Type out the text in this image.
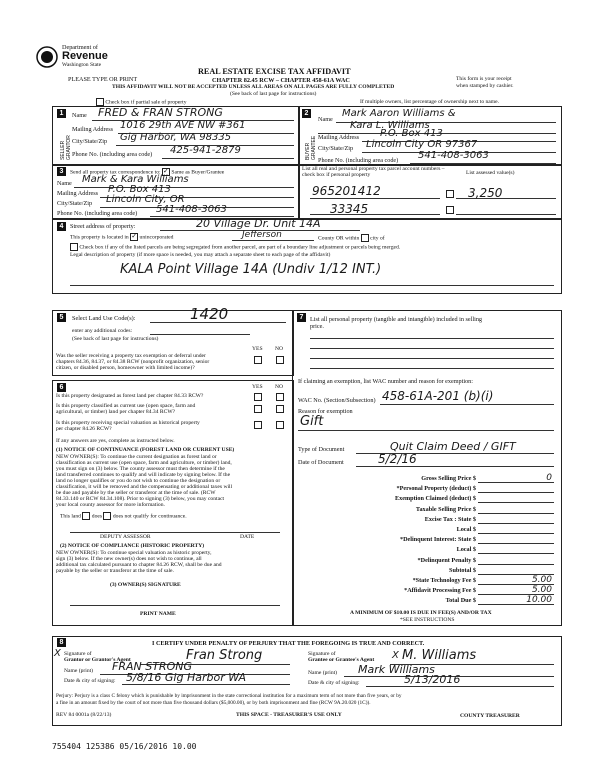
Department of
Revenue
Washington State
PLEASE TYPE OR PRINT
REAL ESTATE EXCISE TAX AFFIDAVIT
CHAPTER 82.45 RCW – CHAPTER 458-61A WAC
THIS AFFIDAVIT WILL NOT BE ACCEPTED UNLESS ALL AREAS ON ALL PAGES ARE FULLY COMPLETED
(See back of last page for instructions)
This form is your receipt
when stamped by cashier.
Check box if partial sale of property	If multiple owners, list percentage of ownership next to name.
1
SELLER GRANTOR
Name FRED & FRAN STRONG
Mailing Address 1016 29th AVE NW #361
City/State/Zip Gig Harbor, WA 98335
Phone No. (including area code) 425-941-2879
2
BUYER GRANTEE
Name
Mark Aaron Williams &
Kara L. Williams
Mailing Address P.O. Box 413
City/State/Zip Lincoln City OR 97367
Phone No. (including area code) 541-408-3063
3	Send all property tax correspondence to: ✓ Same as Buyer/Grantee
Name Mark & Kara Williams
Mailing Address P.O. Box 413
City/State/Zip Lincoln City, OR
Phone No. (including area code) 541-408-3063
List all real and personal property tax parcel account numbers – check box if personal property	List assessed value(s)
965201412	3,250
33345
4	Street address of property:	20 Village Dr. Unit 14A
This property is located in ✓ unincorporated	Jefferson	County OR within city of
Check box if any of the listed parcels are being segregated from another parcel, are part of a boundary line adjustment or parcels being merged.
Legal description of property (if more space is needed, you may attach a separate sheet to each page of the affidavit)
KALA Point Village 14A (Undiv 1/12 INT.)
5	Select Land Use Code(s):	1420
enter any additional codes:
(See back of last page for instructions)
YES NO
Was the seller receiving a property tax exemption or deferral under
chapters 84.36, 84.37, or 84.38 RCW (nonprofit organization, senior
citizen, or disabled person, homeowner with limited income)?
6	YES NO
Is this property designated as forest land per chapter 84.33 RCW?
Is this property classified as current use (open space, farm and
agricultural, or timber) land per chapter 84.34 RCW?
Is this property receiving special valuation as historical property
per chapter 84.26 RCW?
If any answers are yes, complete as instructed below.
(1) NOTICE OF CONTINUANCE (FOREST LAND OR CURRENT USE)
NEW OWNER(S): To continue the current designation as forest land or
classification as current use (open space, farm and agriculture, or timber) land,
you must sign on (3) below. The county assessor must then determine if the
land transferred continues to qualify and will indicate by signing below. If the
land no longer qualifies or you do not wish to continue the designation or
classification, it will be removed and the compensating or additional taxes will
be due and payable by the seller or transferor at the time of sale. (RCW
84.33.140 or RCW 84.34.108). Prior to signing (3) below, you may contact
your local county assessor for more information.
This land does does not qualify for continuance.
DEPUTY ASSESSOR	DATE
(2) NOTICE OF COMPLIANCE (HISTORIC PROPERTY)
NEW OWNER(S): To continue special valuation as historic property,
sign (3) below. If the new owner(s) does not wish to continue, all
additional tax calculated pursuant to chapter 84.26 RCW, shall be due and
payable by the seller or transferor at the time of sale.
(3) OWNER(S) SIGNATURE
PRINT NAME
7	List all personal property (tangible and intangible) included in selling
price.
If claiming an exemption, list WAC number and reason for exemption:
WAC No. (Section/Subsection) 458-61A-201 (b)(i)
Reason for exemption
Gift
Type of Document	Quit Claim Deed / GIFT
Date of Document	5/2/16
Gross Selling Price $	0
*Personal Property (deduct) $
Exemption Claimed (deduct) $
Taxable Selling Price $
Excise Tax : State $
Local $
*Delinquent Interest: State $
Local $
*Delinquent Penalty $
Subtotal $
*State Technology Fee $	5.00
*Affidavit Processing Fee $	5.00
Total Due $	10.00
A MINIMUM OF $10.00 IS DUE IN FEE(S) AND/OR TAX
*SEE INSTRUCTIONS
8	I CERTIFY UNDER PENALTY OF PERJURY THAT THE FOREGOING IS TRUE AND CORRECT.
X Signature of
Grantor or Grantor's Agent	Fran Strong
Name (print) FRAN STRONG
Date & city of signing: 5/8/16 Gig Harbor WA
Signature of
Grantee or Grantee's Agent X M. Williams
Name (print) Mark Williams
Date & city of signing:	5/13/2016
Perjury: Perjury is a class C felony which is punishable by imprisonment in the state correctional institution for a maximum term of not more than five years, or by
a fine in an amount fixed by the court of not more than five thousand dollars ($5,000.00), or by both imprisonment and fine (RCW 9A.20.020 (1C)).
REV 84 0001a (8/22/13)	THIS SPACE - TREASURER'S USE ONLY	COUNTY TREASURER
755404 125386 05/16/2016 10.00
